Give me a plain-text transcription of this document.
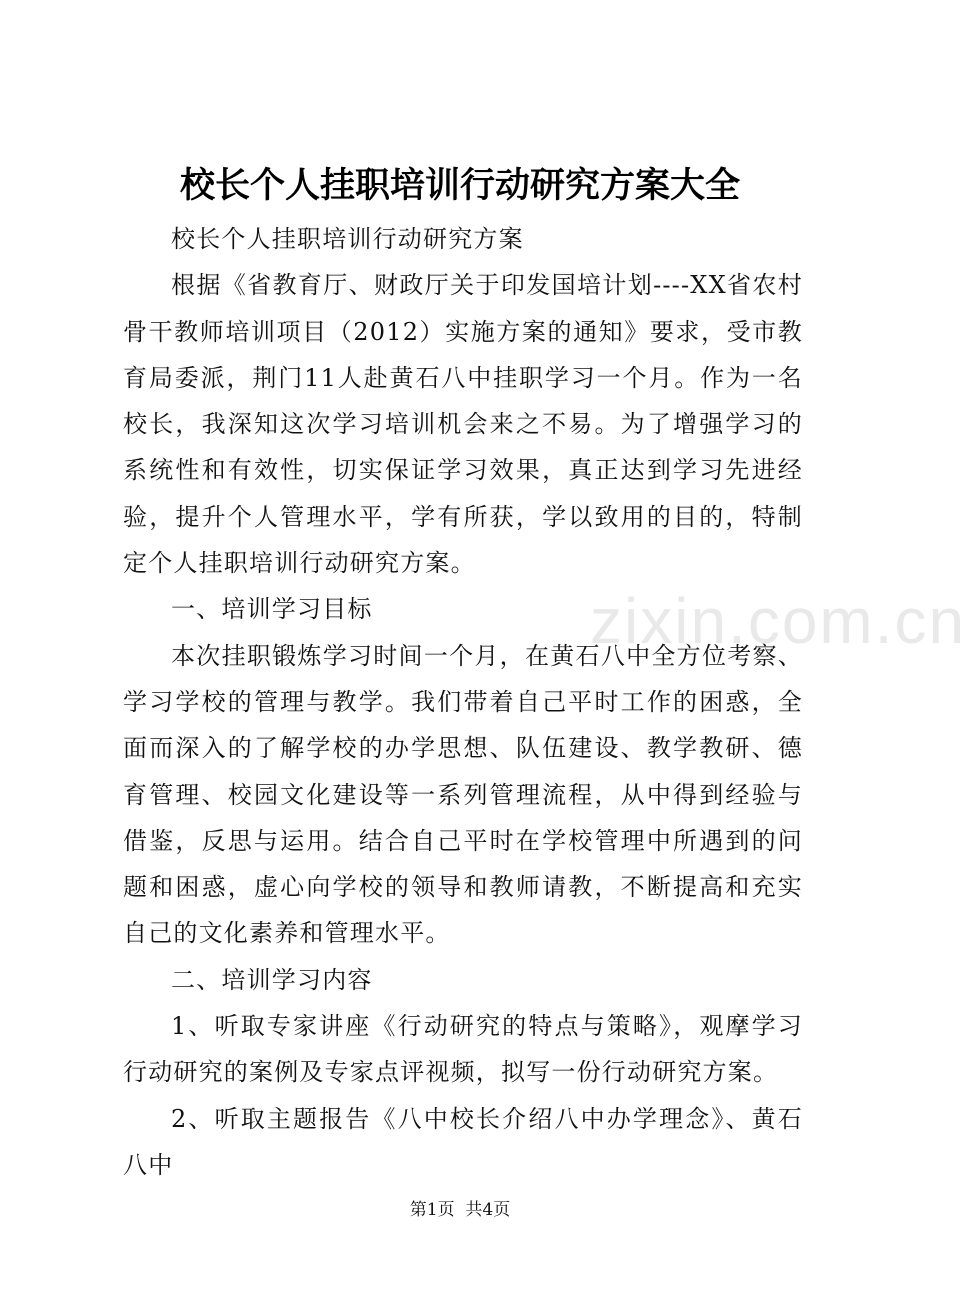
校长个人挂职培训行动研究方案大全

校长个人挂职培训行动研究方案

根据《省教育厅、财政厅关于印发国培计划----XX省农村骨干教师培训项目（2012）实施方案的通知》要求，受市教育局委派，荆门11人赴黄石八中挂职学习一个月。作为一名校长，我深知这次学习培训机会来之不易。为了增强学习的系统性和有效性，切实保证学习效果，真正达到学习先进经验，提升个人管理水平，学有所获，学以致用的目的，特制定个人挂职培训行动研究方案。

一、培训学习目标

本次挂职锻炼学习时间一个月，在黄石八中全方位考察、学习学校的管理与教学。我们带着自己平时工作的困惑，全面而深入的了解学校的办学思想、队伍建设、教学教研、德育管理、校园文化建设等一系列管理流程，从中得到经验与借鉴，反思与运用。结合自己平时在学校管理中所遇到的问题和困惑，虚心向学校的领导和教师请教，不断提高和充实自己的文化素养和管理水平。

二、培训学习内容

1、听取专家讲座《行动研究的特点与策略》，观摩学习行动研究的案例及专家点评视频，拟写一份行动研究方案。

2、听取主题报告《八中校长介绍八中办学理念》、黄石八中

zixin.com.cn
第1页  共4页
